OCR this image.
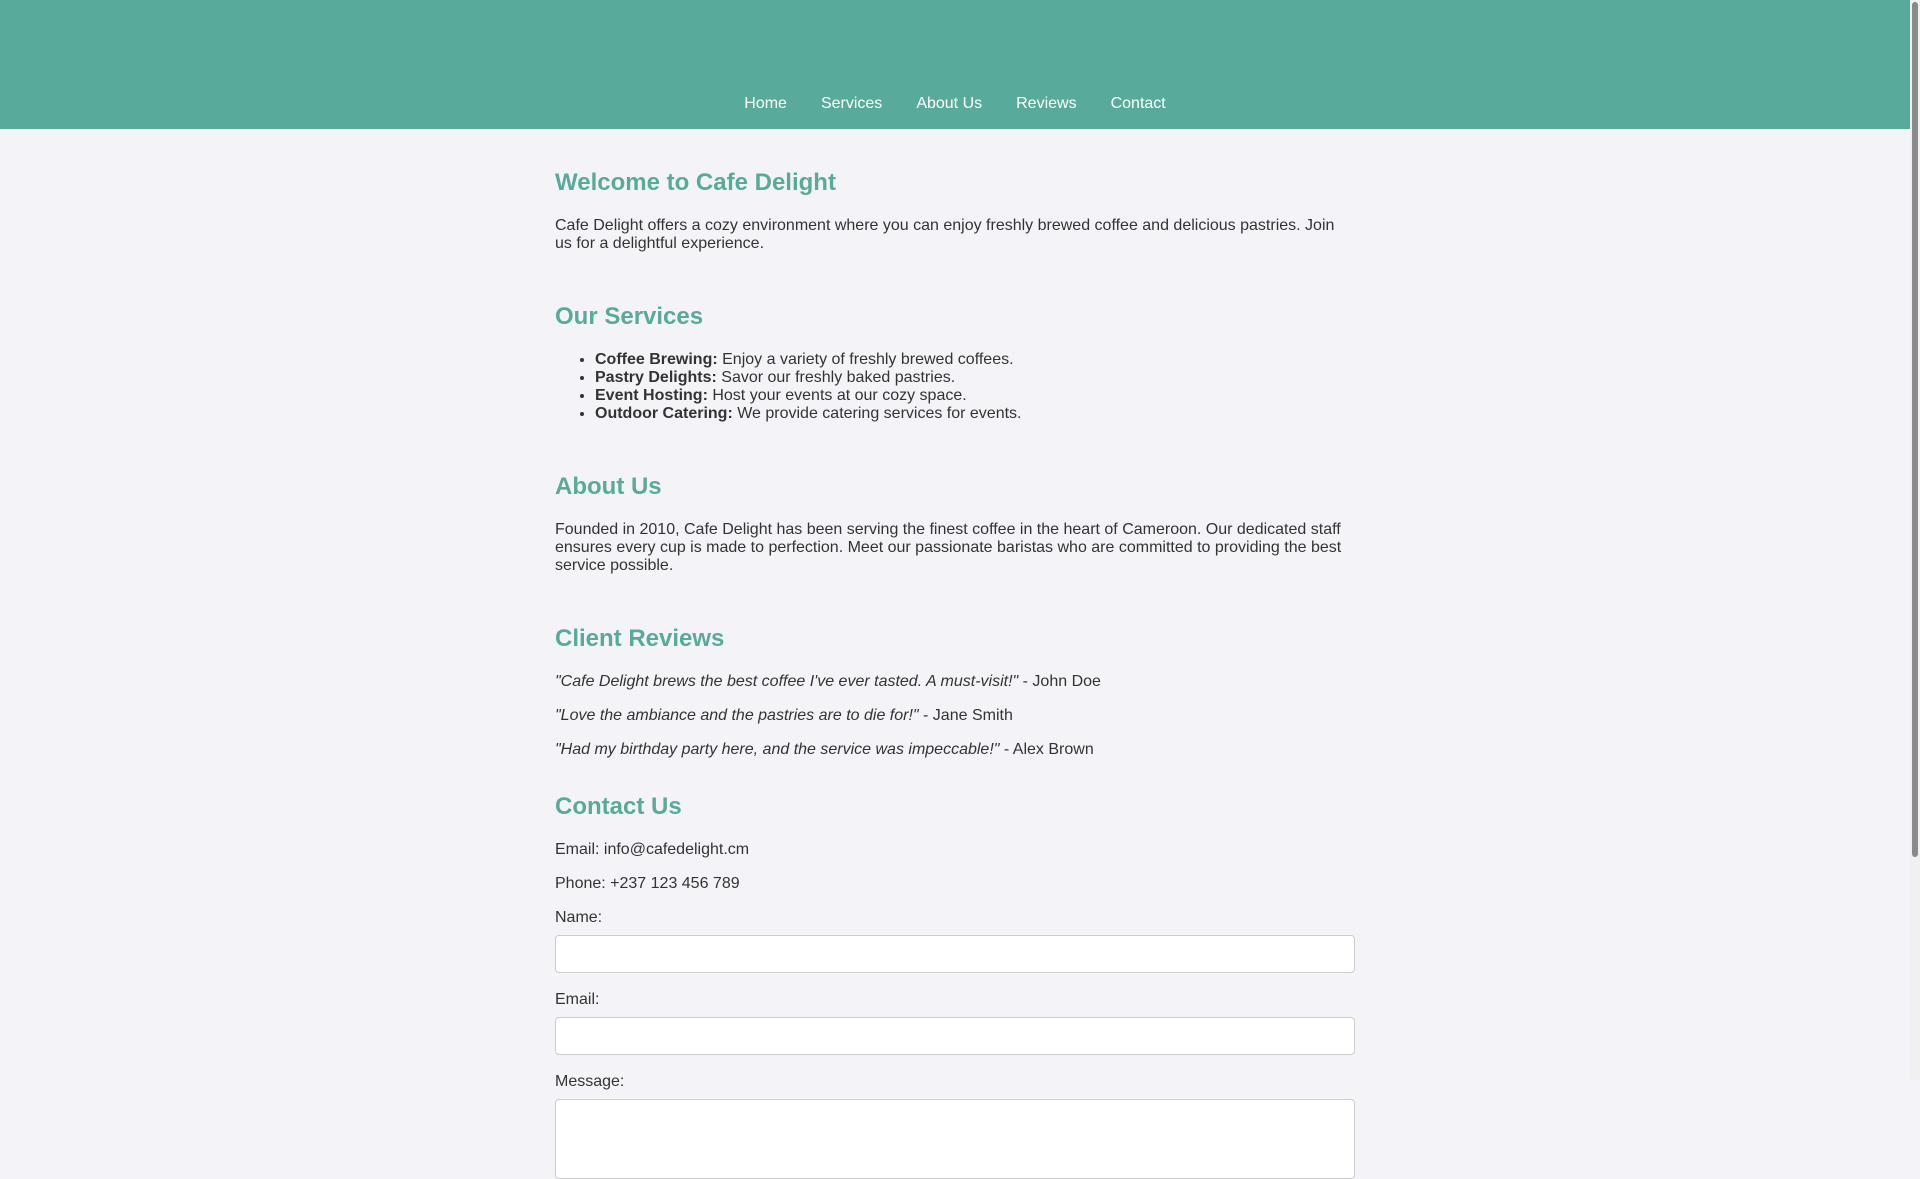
Home	Services	About Us	Reviews	Contact
Welcome to Cafe Delight

Cafe Delight offers a cozy environment where you can enjoy freshly brewed coffee and delicious pastries. Join us for a delightful experience.

Our Services
• Coffee Brewing: Enjoy a variety of freshly brewed coffees.
• Pastry Delights: Savor our freshly baked pastries.
• Event Hosting: Host your events at our cozy space.
• Outdoor Catering: We provide catering services for events.
About Us

Founded in 2010, Cafe Delight has been serving the finest coffee in the heart of Cameroon. Our dedicated staff ensures every cup is made to perfection. Meet our passionate baristas who are committed to providing the best service possible.

Client Reviews

"Cafe Delight brews the best coffee I've ever tasted. A must-visit!" - John Doe

"Love the ambiance and the pastries are to die for!" - Jane Smith

"Had my birthday party here, and the service was impeccable!" - Alex Brown

Contact Us

Email: info@cafedelight.cm

Phone: +237 123 456 789

Name:
Email:
Message:
